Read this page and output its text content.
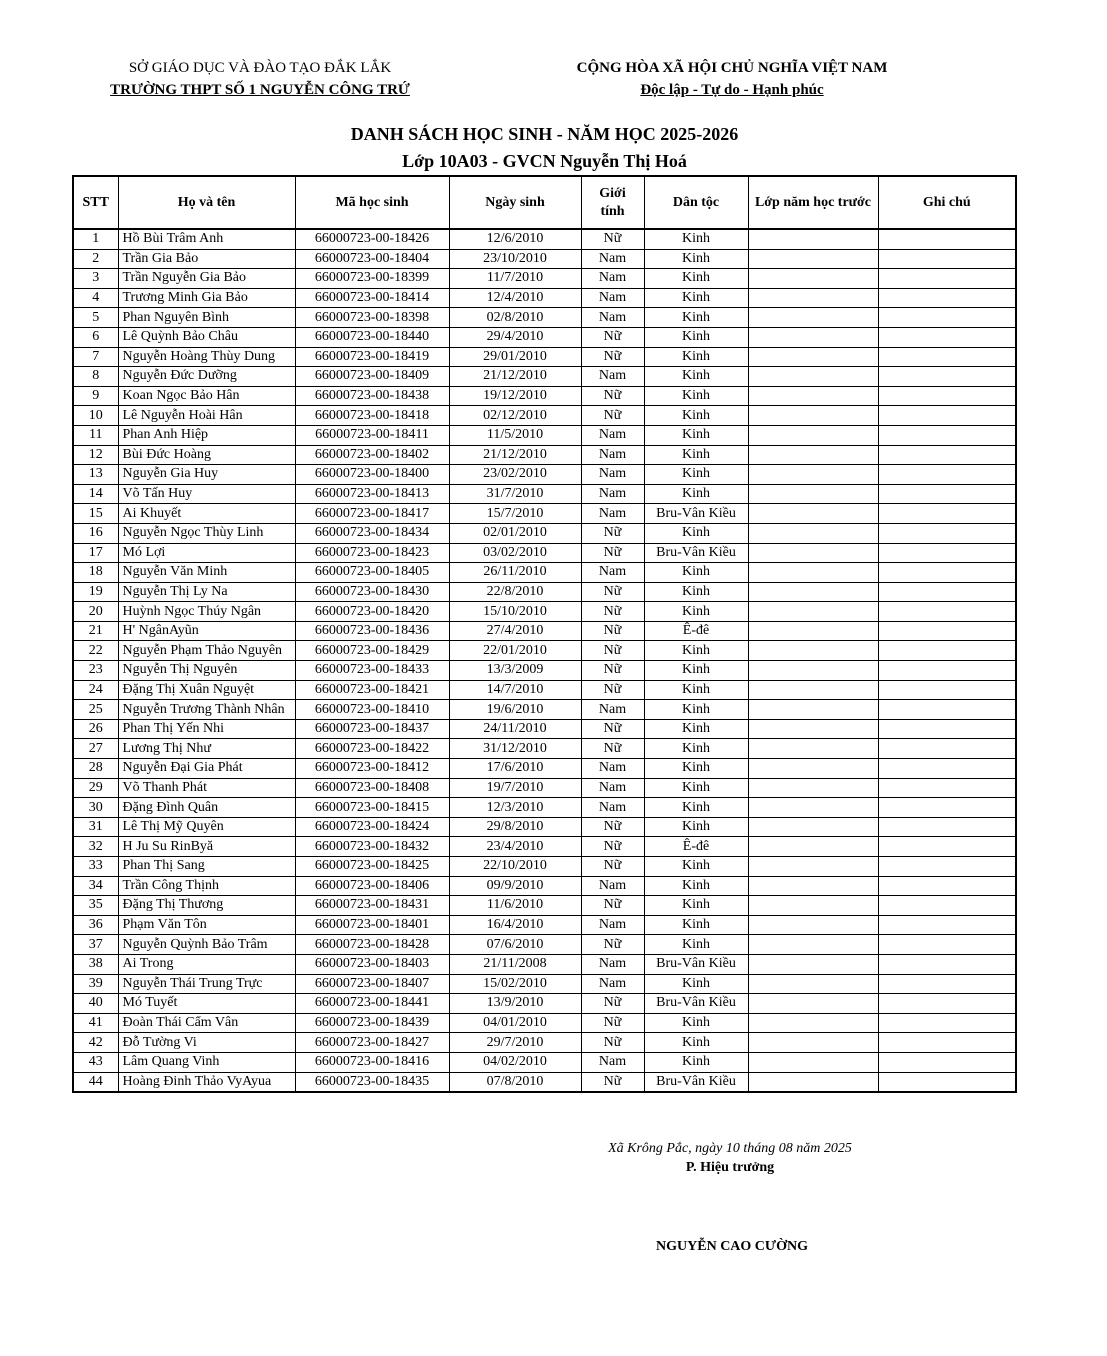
SỞ GIÁO DỤC VÀ ĐÀO TẠO ĐẮK LẮK
TRƯỜNG THPT SỐ 1 NGUYỄN CÔNG TRỨ
CỘNG HÒA XÃ HỘI CHỦ NGHĨA VIỆT NAM
Độc lập - Tự do - Hạnh phúc
DANH SÁCH HỌC SINH - NĂM HỌC 2025-2026
Lớp 10A03 - GVCN Nguyễn Thị Hoá
STT	Họ và tên	Mã học sinh	Ngày sinh	Giới tính	Dân tộc	Lớp năm học trước	Ghi chú
1	Hồ Bùi Trâm Anh	66000723-00-18426	12/6/2010	Nữ	Kinh		
2	Trần Gia Bảo	66000723-00-18404	23/10/2010	Nam	Kinh		
3	Trần Nguyễn Gia Bảo	66000723-00-18399	11/7/2010	Nam	Kinh		
4	Trương Minh Gia Bảo	66000723-00-18414	12/4/2010	Nam	Kinh		
5	Phan Nguyên Bình	66000723-00-18398	02/8/2010	Nam	Kinh		
6	Lê Quỳnh Bảo Châu	66000723-00-18440	29/4/2010	Nữ	Kinh		
7	Nguyễn Hoàng Thùy Dung	66000723-00-18419	29/01/2010	Nữ	Kinh		
8	Nguyễn Đức Dưỡng	66000723-00-18409	21/12/2010	Nam	Kinh		
9	Koan Ngọc Bảo Hân	66000723-00-18438	19/12/2010	Nữ	Kinh		
10	Lê Nguyễn Hoài Hân	66000723-00-18418	02/12/2010	Nữ	Kinh		
11	Phan Anh Hiệp	66000723-00-18411	11/5/2010	Nam	Kinh		
12	Bùi Đức Hoàng	66000723-00-18402	21/12/2010	Nam	Kinh		
13	Nguyễn Gia Huy	66000723-00-18400	23/02/2010	Nam	Kinh		
14	Võ Tấn Huy	66000723-00-18413	31/7/2010	Nam	Kinh		
15	Ai Khuyết	66000723-00-18417	15/7/2010	Nam	Bru-Vân Kiều		
16	Nguyễn Ngọc Thùy Linh	66000723-00-18434	02/01/2010	Nữ	Kinh		
17	Mó Lợi	66000723-00-18423	03/02/2010	Nữ	Bru-Vân Kiều		
18	Nguyễn Văn Minh	66000723-00-18405	26/11/2010	Nam	Kinh		
19	Nguyễn Thị Ly Na	66000723-00-18430	22/8/2010	Nữ	Kinh		
20	Huỳnh Ngọc Thúy Ngân	66000723-00-18420	15/10/2010	Nữ	Kinh		
21	H' NgânAyũn	66000723-00-18436	27/4/2010	Nữ	Ê-đê		
22	Nguyễn Phạm Thảo Nguyên	66000723-00-18429	22/01/2010	Nữ	Kinh		
23	Nguyễn Thị Nguyên	66000723-00-18433	13/3/2009	Nữ	Kinh		
24	Đặng Thị Xuân Nguyệt	66000723-00-18421	14/7/2010	Nữ	Kinh		
25	Nguyễn Trương Thành Nhân	66000723-00-18410	19/6/2010	Nam	Kinh		
26	Phan Thị Yến Nhi	66000723-00-18437	24/11/2010	Nữ	Kinh		
27	Lương Thị Như	66000723-00-18422	31/12/2010	Nữ	Kinh		
28	Nguyễn Đại Gia Phát	66000723-00-18412	17/6/2010	Nam	Kinh		
29	Võ Thanh Phát	66000723-00-18408	19/7/2010	Nam	Kinh		
30	Đặng Đình Quân	66000723-00-18415	12/3/2010	Nam	Kinh		
31	Lê Thị Mỹ Quyên	66000723-00-18424	29/8/2010	Nữ	Kinh		
32	H Ju Su RinByă	66000723-00-18432	23/4/2010	Nữ	Ê-đê		
33	Phan Thị Sang	66000723-00-18425	22/10/2010	Nữ	Kinh		
34	Trần Công Thịnh	66000723-00-18406	09/9/2010	Nam	Kinh		
35	Đặng Thị Thương	66000723-00-18431	11/6/2010	Nữ	Kinh		
36	Phạm Văn Tôn	66000723-00-18401	16/4/2010	Nam	Kinh		
37	Nguyễn Quỳnh Bảo Trâm	66000723-00-18428	07/6/2010	Nữ	Kinh		
38	Ai Trong	66000723-00-18403	21/11/2008	Nam	Bru-Vân Kiều		
39	Nguyễn Thái Trung Trực	66000723-00-18407	15/02/2010	Nam	Kinh		
40	Mó Tuyết	66000723-00-18441	13/9/2010	Nữ	Bru-Vân Kiều		
41	Đoàn Thái Cẩm Vân	66000723-00-18439	04/01/2010	Nữ	Kinh		
42	Đỗ Tường Vi	66000723-00-18427	29/7/2010	Nữ	Kinh		
43	Lâm Quang Vinh	66000723-00-18416	04/02/2010	Nam	Kinh		
44	Hoàng Đinh Thảo VyAyua	66000723-00-18435	07/8/2010	Nữ	Bru-Vân Kiều		
Xã Krông Pắc, ngày 10 tháng 08 năm 2025
P. Hiệu trưởng
NGUYỄN CAO CƯỜNG
